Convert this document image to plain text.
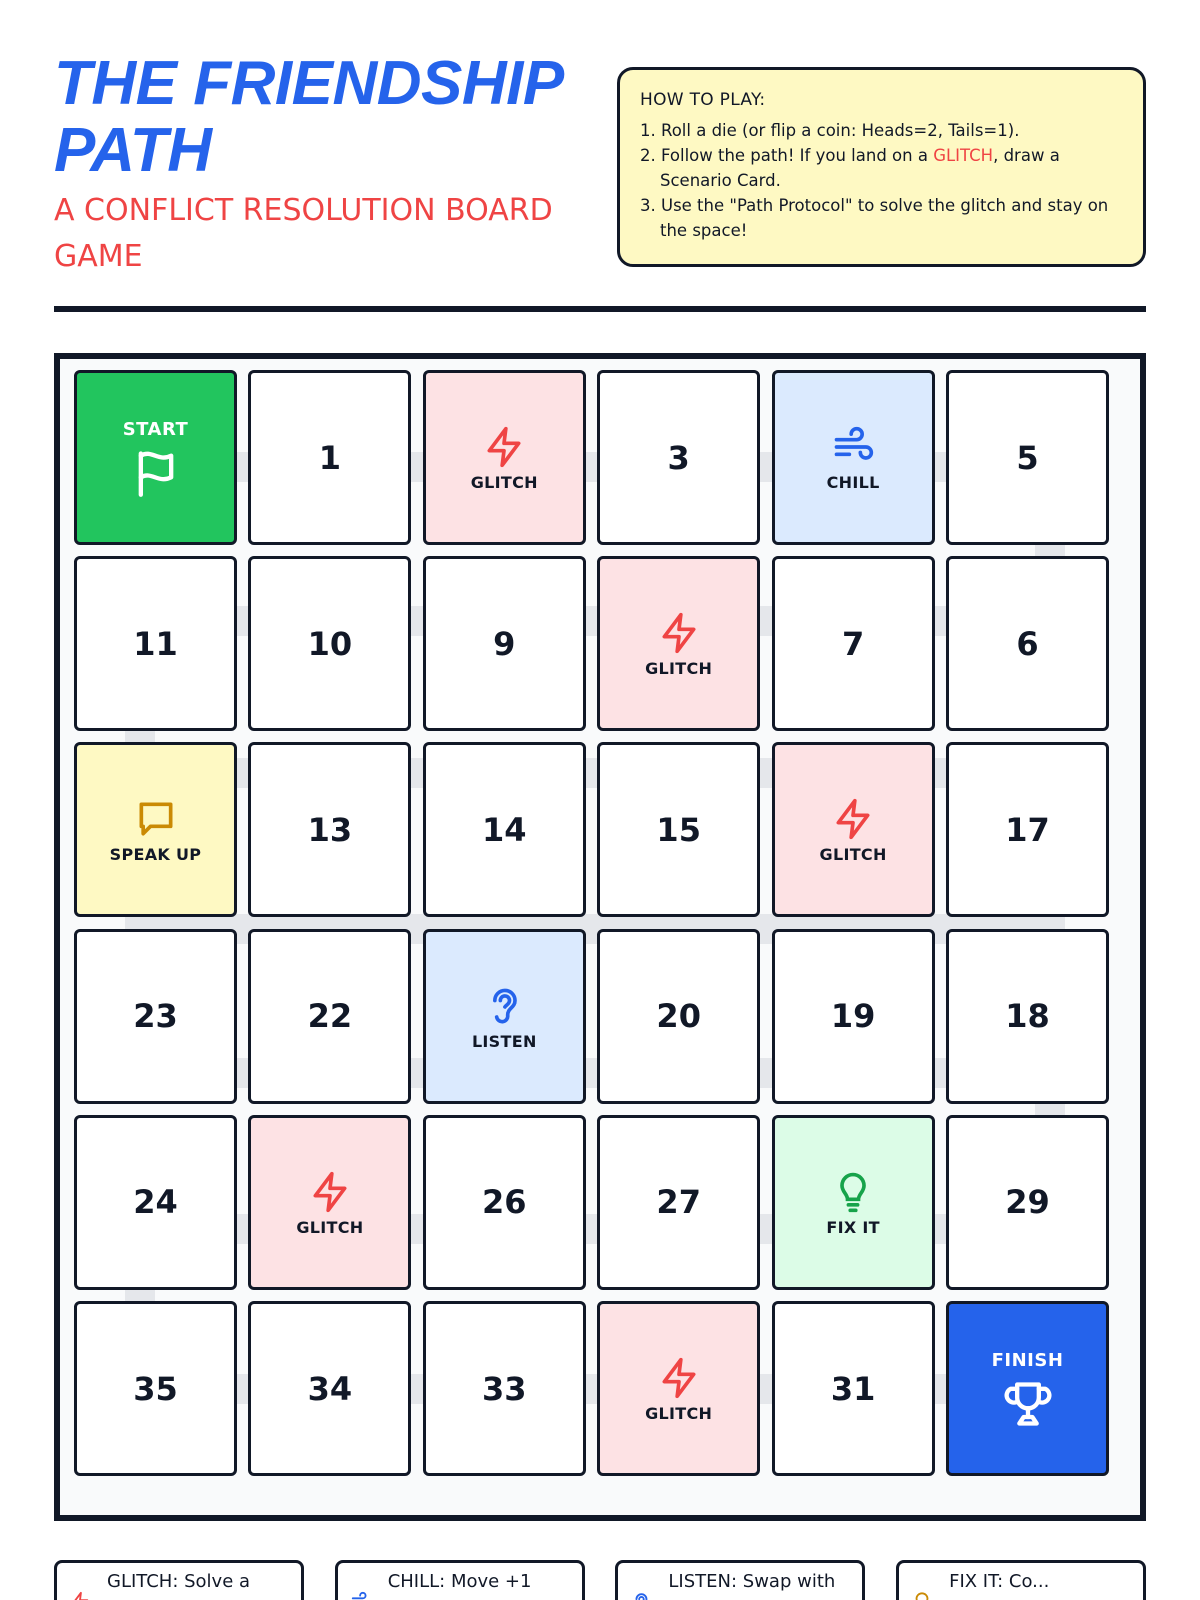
THE FRIENDSHIP PATH
A CONFLICT RESOLUTION BOARD GAME
HOW TO PLAY:
1. Roll a die (or flip a coin: Heads=2, Tails=1).
2. Follow the path! If you land on a GLITCH, draw a Scenario Card.
3. Use the "Path Protocol" to solve the glitch and stay on the space!
START
1
GLITCH
3
CHILL
5
11	10	9
GLITCH
7	6
SPEAK UP
13	14	15
GLITCH
17
23	22
LISTEN
20	19	18
24
GLITCH
26	27
FIX IT
29
35	34	33
GLITCH
31
FINISH
GLITCH: Solve a	CHILL: Move +1	LISTEN: Swap with	FIX IT: Co...
